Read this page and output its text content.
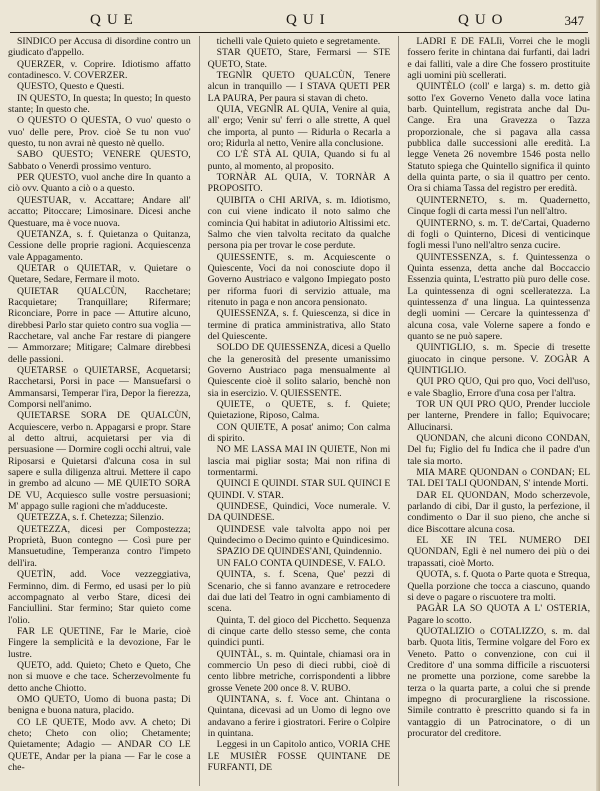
QUE	QUI	QUO	347

SINDICO per Accusa di disordine contro un giudicato d'appello.

QUERZER, v. Coprire. Idiotismo affatto contadinesco. V. COVERZER.

QUESTO, Questo e Questi.

IN QUESTO, In questa; In questo; In questo stante; In questo che.

O QUESTO O QUESTA, O vuo' questo o vuo' delle pere, Prov. cioè Se tu non vuo' questo, tu non avrai nè questo nè quello.

SABO QUESTO; VENERE QUESTO, Sabbato o Venerdì prossimo venturo.

PER QUESTO, vuol anche dire In quanto a ciò ovv. Quanto a ciò o a questo.

QUESTUAR, v. Accattare; Andare all' accatto; Pitoccare; Limosinare. Dicesi anche Questuare, ma è voce nuova.

QUETANZA, s. f. Quietanza o Quitanza, Cessione delle proprie ragioni. Acquiescenza vale Appagamento.

QUETAR o QUIETAR, v. Quietare o Quetare, Sedare, Fermare il moto.

QUIETAR QUALCÙN, Racchetare; Racquietare; Tranquillare; Rifermare; Riconciare, Porre in pace — Attutire alcuno, direbbesi Parlo star quieto contro sua voglia — Racchetare, val anche Far restare di piangere — Ammorzare; Mitigare; Calmare direbbesi delle passioni.

QUETARSE o QUIETARSE, Acquetarsi; Racchetarsi, Porsi in pace — Mansuefarsi o Ammansarsi, Temperar l'ira, Depor la fierezza, Comporsi nell'animo.

QUIETARSE SORA DE QUALCÙN, Acquiescere, verbo n. Appagarsi e propr. Stare al detto altrui, acquietarsi per via di persuasione — Dormire cogli occhi altrui, vale Riposarsi e Quietarsi d'alcuna cosa in sul sapere e sulla diligenza altrui. Mettere il capo in grembo ad alcuno — ME QUIETO SORA DE VU, Acquiesco sulle vostre persuasioni; M' appago sulle ragioni che m'adduceste.

QUETEZZA, s. f. Chetezza; Silenzio.

QUETEZZA, dicesi per Compostezza; Proprietà, Buon contegno — Così pure per Mansuetudine, Temperanza contro l'impeto dell'ira.

QUETÌN, add. Voce vezzeggiativa, Ferminno, dim. di Fermo, ed usasi per lo più accompagnato al verbo Stare, dicesi dei Fanciullini. Star fermino; Star quieto come l'olio.

FAR LE QUETINE, Far le Marie, cioè Fingere la semplicità e la devozione, Far le lustre.

QUETO, add. Quieto; Cheto e Queto, Che non si muove e che tace. Scherzevolmente fu detto anche Chiotto.

OMO QUETO, Uomo di buona pasta; Di benigna e buona natura, placido.

CO LE QUETE, Modo avv. A cheto; Di cheto; Cheto con olio; Chetamente; Quietamente; Adagio — ANDAR CO LE QUETE, Andar per la piana — Far le cose a che-

tichelli vale Quieto quieto e segretamente.

STAR QUETO, Stare, Fermarsi — STE QUETO, State.

TEGNÌR QUETO QUALCÙN, Tenere alcun in tranquillo — I STAVA QUETI PER LA PAURA, Per paura si stavan di cheto.

QUIA, VEGNÌR AL QUIA, Venire al quia, all' ergo; Venir su' ferri o alle strette, A quel che importa, al punto — Ridurla o Recarla a oro; Ridurla al netto, Venire alla conclusione.

CO L'È STÀ AL QUIA, Quando si fu al punto, al momento, al proposito.

TORNÀR AL QUIA, V. TORNÀR A PROPOSITO.

QUIBITA o CHI ARIVA, s. m. Idiotismo, con cui viene indicato il noto salmo che comincia Qui habitat in adiutorio Altissimi etc. Salmo che vien talvolta recitato da qualche persona pia per trovar le cose perdute.

QUIESSENTE, s. m. Acquiescente o Quiescente, Voci da noi conosciute dopo il Governo Austriaco e valgono Impiegato posto per riforma fuori di servizio attuale, ma ritenuto in paga e non ancora pensionato.

QUIESSENZA, s. f. Quiescenza, si dice in termine di pratica amministrativa, allo Stato del Quiescente.

SOLDO DE QUIESSENZA, dicesi a Quello che la generosità del presente umanissimo Governo Austriaco paga mensualmente al Quiescente cioè il solito salario, benchè non sia in esercizio. V. QUIESSENTE.

QUIETE, o QUETE, s. f. Quiete; Quietazione, Riposo, Calma.

CON QUIETE, A posat' animo; Con calma di spirito.

NO ME LASSA MAI IN QUIETE, Non mi lascia mai pigliar sosta; Mai non rifina di tormentarmi.

QUINCI E QUINDI. STAR SUL QUINCI E QUINDI. V. STAR.

QUINDESE, Quindici, Voce numerale. V. DA QUINDESE.

QUINDESE vale talvolta appo noi per Quindecimo o Decimo quinto e Quindicesimo.

SPAZIO DE QUINDES'ANI, Quindennio.

UN FALO CONTA QUINDESE, V. FALO.

QUINTA, s. f. Scena, Que' pezzi di Scenario, che si fanno avanzare e retrocedere dai due lati del Teatro in ogni cambiamento di scena.

Quinta, T. del gioco del Picchetto. Sequenza di cinque carte dello stesso seme, che conta quindici punti.

QUINTÀL, s. m. Quintale, chiamasi ora in commercio Un peso di dieci rubbi, cioè di cento libbre metriche, corrispondenti a libbre grosse Venete 200 once 8. V. RUBO.

QUINTANA, s. f. Voce ant. Chintana o Quintana, dicevasi ad un Uomo di legno ove andavano a ferire i giostratori. Ferire o Colpire in quintana.

Leggesi in un Capitolo antico, VORIA CHE LE MUSIÈR FOSSE QUINTANE DE FURFANTI, DE

LADRI E DE FALIì, Vorrei che le mogli fossero ferite in chintana dai furfanti, dai ladri e dai falliti, vale a dire Che fossero prostituite agli uomini più scellerati.

QUINTÈLO (coll' e larga) s. m. detto già sotto l'ex Governo Veneto dalla voce latina barb. Quintellum, registrata anche dal Du-Cange. Era una Gravezza o Tazza proporzionale, che si pagava alla cassa pubblica dalle successioni alle eredità. La legge Veneta 26 novembre 1546 posta nello Statuto spiega che Quintello significa il quinto della quinta parte, o sia il quattro per cento. Ora si chiama Tassa del registro per eredità.

QUINTERNETO, s. m. Quadernetto, Cinque fogli di carta messi l'un nell'altro.

QUINTERNO, s. m. T. de'Cartai, Quaderno di fogli o Quinterno, Dicesi di venticinque fogli messi l'uno nell'altro senza cucire.

QUINTESSENZA, s. f. Quintessenza o Quinta essenza, detta anche dal Boccaccio Essenzia quinta, L'estratto più puro delle cose. La quintessenza di ogni scelleratezza. La quintessenza d' una lingua. La quintessenza degli uomini — Cercare la quintessenza d' alcuna cosa, vale Volerne sapere a fondo e quanto se ne può sapere.

QUINTIGLIO, s. m. Specie di tresette giuocato in cinque persone. V. ZOGÀR A QUINTIGLIO.

QUI PRO QUO, Qui pro quo, Voci dell'uso, e vale Sbaglio, Errore d'una cosa per l'altra.

TOR UN QUI PRO QUO, Prender lucciole per lanterne, Prendere in fallo; Equivocare; Allucinarsi.

QUONDAN, che alcuni dicono CONDAN, Del fu; Figlio del fu Indica che il padre d'un tale sia morto.

MIA MARE QUONDAN o CONDAN; EL TAL DEI TALI QUONDAN, S' intende Morti.

DAR EL QUONDAN, Modo scherzevole, parlando di cibi, Dar il gusto, la perfezione, il condimento o Dar il suo pieno, che anche si dice Biscottare alcuna cosa.

EL XE IN TEL NUMERO DEI QUONDAN, Egli è nel numero dei più o dei trapassati, cioè Morto.

QUOTA, s. f. Quota o Parte quota e Strequa, Quella porzione che tocca a ciascuno, quando si deve o pagare o riscuotere tra molti.

PAGÀR LA SO QUOTA A L' OSTERIA, Pagare lo scotto.

QUOTALIZIO o COTALIZZO, s. m. dal barb. Quota litis, Termine volgare del Foro ex Veneto. Patto o convenzione, con cui il Creditore d' una somma difficile a riscuotersi ne promette una porzione, come sarebbe la terza o la quarta parte, a colui che si prende impegno di procurargliene la riscossione. Simile contratto è prescritto quando si fa in vantaggio di un Patrocinatore, o di un procurator del creditore.
